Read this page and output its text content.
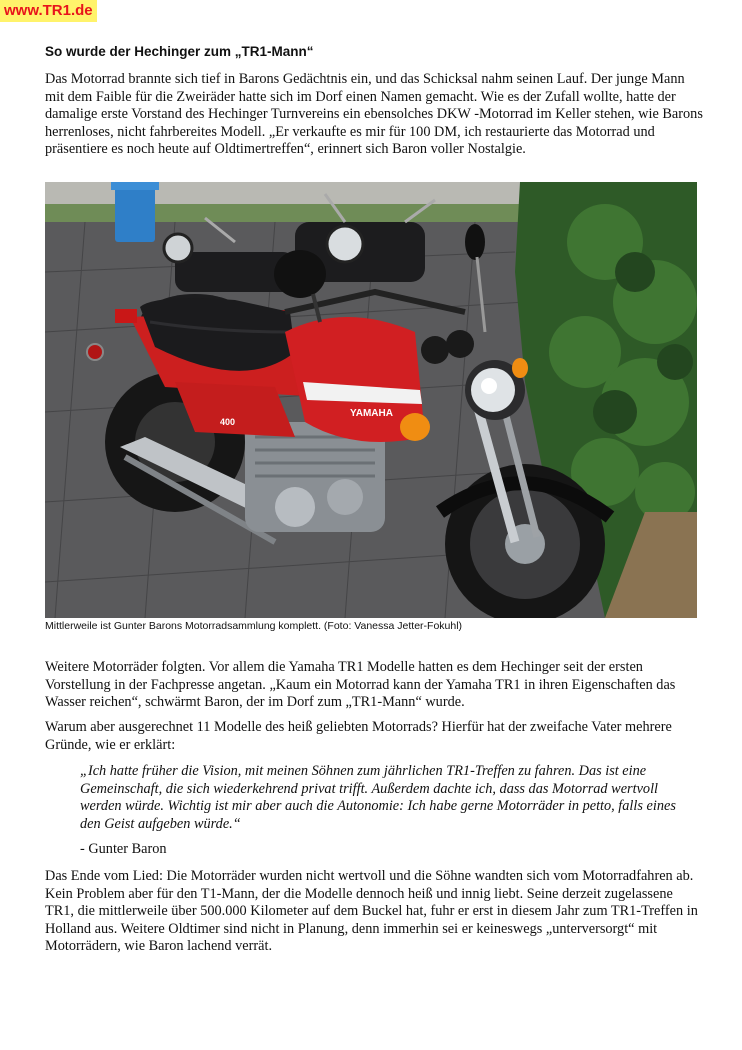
www.TR1.de
So wurde der Hechinger zum „TR1-Mann“

Das Motorrad brannte sich tief in Barons Gedächtnis ein, und das Schicksal nahm seinen Lauf. Der junge Mann mit dem Faible für die Zweiräder hatte sich im Dorf einen Namen gemacht. Wie es der Zufall wollte, hatte der damalige erste Vorstand des Hechinger Turnvereins ein ebensolches DKW -Motorrad im Keller stehen, wie Barons herrenloses, nicht fahrbereites Modell. „Er verkaufte es mir für 100 DM, ich restaurierte das Motorrad und präsentiere es noch heute auf Oldtimertreffen“, erinnert sich Baron voller Nostalgie.

400
YAMAHA

Mittlerweile ist Gunter Barons Motorradsammlung komplett. (Foto: Vanessa Jetter-Fokuhl)

Weitere Motorräder folgten. Vor allem die Yamaha TR1 Modelle hatten es dem Hechinger seit der ersten Vorstellung in der Fachpresse angetan. „Kaum ein Motorrad kann der Yamaha TR1 in ihren Eigenschaften das Wasser reichen“, schwärmt Baron, der im Dorf zum „TR1-Mann“ wurde.

Warum aber ausgerechnet 11 Modelle des heiß geliebten Motorrads? Hierfür hat der zweifache Vater mehrere Gründe, wie er erklärt:

„Ich hatte früher die Vision, mit meinen Söhnen zum jährlichen TR1-Treffen zu fahren. Das ist eine Gemeinschaft, die sich wiederkehrend privat trifft. Außerdem dachte ich, dass das Motorrad wertvoll werden würde. Wichtig ist mir aber auch die Autonomie: Ich habe gerne Motorräder in petto, falls eines den Geist aufgeben würde.“

- Gunter Baron

Das Ende vom Lied: Die Motorräder wurden nicht wertvoll und die Söhne wandten sich vom Motorradfahren ab. Kein Problem aber für den T1-Mann, der die Modelle dennoch heiß und innig liebt. Seine derzeit zugelassene TR1, die mittlerweile über 500.000 Kilometer auf dem Buckel hat, fuhr er erst in diesem Jahr zum TR1-Treffen in Holland aus. Weitere Oldtimer sind nicht in Planung, denn immerhin sei er keineswegs „unterversorgt“ mit Motorrädern, wie Baron lachend verrät.
